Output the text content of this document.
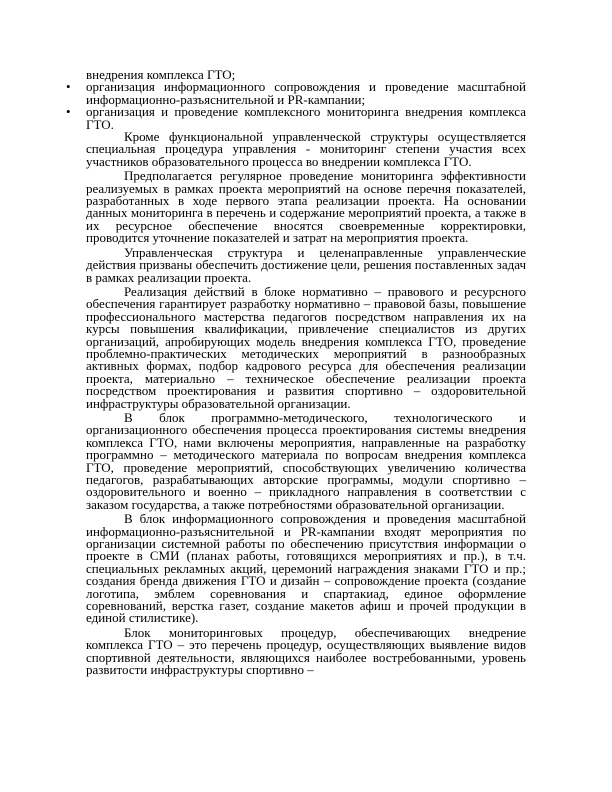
внедрения комплекса ГТО;

• организация информационного сопровождения и проведение масштабной информационно-разъяснительной и PR-кампании;
• организация и проведение комплексного мониторинга внедрения комплекса ГТО.

Кроме функциональной управленческой структуры осуществляется специальная процедура управления - мониторинг степени участия всех участников образовательного процесса во внедрении комплекса ГТО.

Предполагается регулярное проведение мониторинга эффективности реализуемых в рамках проекта мероприятий на основе перечня показателей, разработанных в ходе первого этапа реализации проекта. На основании данных мониторинга в перечень и содержание мероприятий проекта, а также в их ресурсное обеспечение вносятся своевременные корректировки, проводится уточнение показателей и затрат на мероприятия проекта.

Управленческая структура и целенаправленные управленческие действия призваны обеспечить достижение цели, решения поставленных задач в рамках реализации проекта.

Реализация действий в блоке нормативно – правового и ресурсного обеспечения гарантирует разработку нормативно – правовой базы, повышение профессионального мастерства педагогов посредством направления их на курсы повышения квалификации, привлечение специалистов из других организаций, апробирующих модель внедрения комплекса ГТО, проведение проблемно-практических методических мероприятий в разнообразных активных формах, подбор кадрового ресурса для обеспечения реализации проекта, материально – техническое обеспечение реализации проекта посредством проектирования и развития спортивно – оздоровительной инфраструктуры образовательной организации.

В блок программно-методического, технологического и организационного обеспечения процесса проектирования системы внедрения комплекса ГТО, нами включены мероприятия, направленные на разработку программно – методического материала по вопросам внедрения комплекса ГТО, проведение мероприятий, способствующих увеличению количества педагогов, разрабатывающих авторские программы, модули спортивно – оздоровительного и военно – прикладного направления в соответствии с заказом государства, а также потребностями образовательной организации.

В блок информационного сопровождения и проведения масштабной информационно-разъяснительной и PR-кампании входят мероприятия по организации системной работы по обеспечению присутствия информации о проекте в СМИ (планах работы, готовящихся мероприятиях и пр.), в т.ч. специальных рекламных акций, церемоний награждения знаками ГТО и пр.; создания бренда движения ГТО и дизайн – сопровождение проекта (создание логотипа, эмблем соревнования и спартакиад, единое оформление соревнований, верстка газет, создание макетов афиш и прочей продукции в единой стилистике).

Блок мониторинговых процедур, обеспечивающих внедрение комплекса ГТО – это перечень процедур, осуществляющих выявление видов спортивной деятельности, являющихся наиболее востребованными, уровень развитости инфраструктуры спортивно –
